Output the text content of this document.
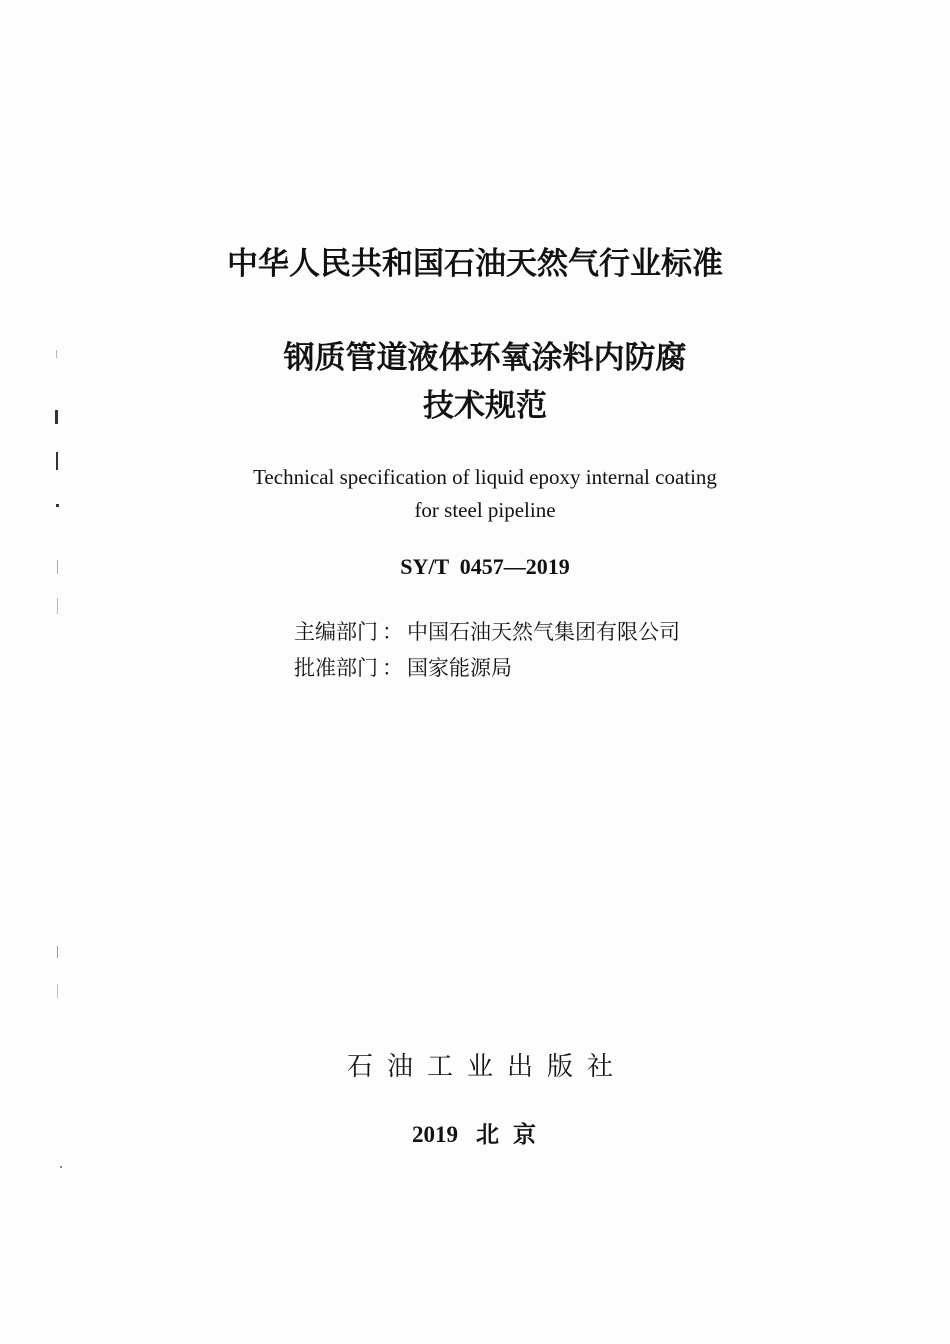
中华人民共和国石油天然气行业标准
钢质管道液体环氧涂料内防腐
技术规范
Technical specification of liquid epoxy internal coating
for steel pipeline
SY/T  0457—2019
主编部门 ： 中国石油天然气集团有限公司
批准部门 ： 国家能源局
石油工业出版社
2019 北京
